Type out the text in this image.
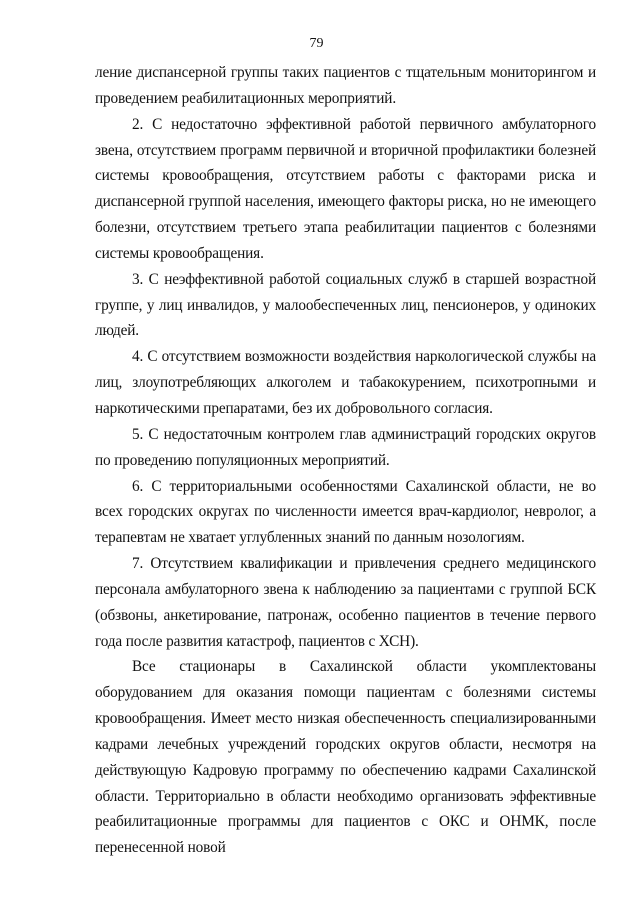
79

ление диспансерной группы таких пациентов с тщательным мониторингом и проведением реабилитационных мероприятий.

2. С недостаточно эффективной работой первичного амбулаторного звена, отсутствием программ первичной и вторичной профилактики болезней системы кровообращения, отсутствием работы с факторами риска и диспансерной группой населения, имеющего факторы риска, но не имеющего болезни, отсутствием третьего этапа реабилитации пациентов с болезнями системы кровообращения.

3. С неэффективной работой социальных служб в старшей возрастной группе, у лиц инвалидов, у малообеспеченных лиц, пенсионеров, у одиноких людей.

4. С отсутствием возможности воздействия наркологической службы на лиц, злоупотребляющих алкоголем и табакокурением, психотропными и наркотическими препаратами, без их добровольного согласия.

5. С недостаточным контролем глав администраций городских округов по проведению популяционных мероприятий.

6. С территориальными особенностями Сахалинской области, не во всех городских округах по численности имеется врач-кардиолог, невролог, а терапевтам не хватает углубленных знаний по данным нозологиям.

7. Отсутствием квалификации и привлечения среднего медицинского персонала амбулаторного звена к наблюдению за пациентами с группой БСК (обзвоны, анкетирование, патронаж, особенно пациентов в течение первого года после развития катастроф, пациентов с ХСН).

Все стационары в Сахалинской области укомплектованы оборудованием для оказания помощи пациентам с болезнями системы кровообращения. Имеет место низкая обеспеченность специализированными кадрами лечебных учреждений городских округов области, несмотря на действующую Кадровую программу по обеспечению кадрами Сахалинской области. Территориально в области необходимо организовать эффективные реабилитационные программы для пациентов с ОКС и ОНМК, после перенесенной новой
